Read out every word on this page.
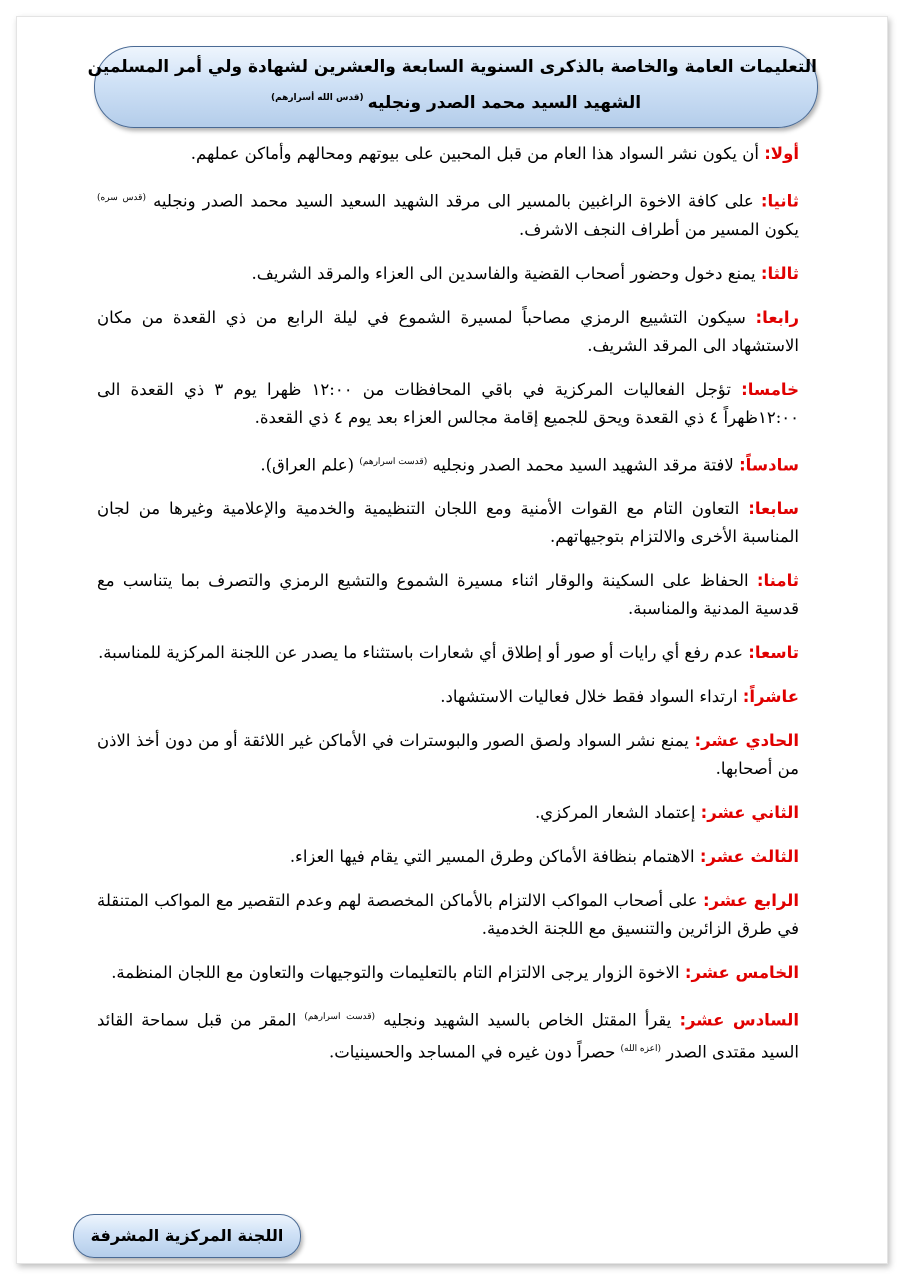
التعليمات العامة والخاصة بالذكرى السنوية السابعة والعشرين لشهادة ولي أمر المسلمين
الشهيد السيد محمد الصدر ونجليه$^{(قدس الله أسرارهم)}$
أولا: أن يكون نشر السواد هذا العام من قبل المحبين على بيوتهم ومحالهم وأماكن عملهم.
ثانيا: على كافة الاخوة الراغبين بالمسير الى مرقد الشهيد السعيد السيد محمد الصدر ونجليه $^{(قدس سره)}$ يكون المسير من أطراف النجف الاشرف.
ثالثا: يمنع دخول وحضور أصحاب القضية والفاسدين الى العزاء والمرقد الشريف.
رابعا: سيكون التشييع الرمزي مصاحباً لمسيرة الشموع في ليلة الرابع من ذي القعدة من مكان الاستشهاد الى المرقد الشريف.
خامسا: تؤجل الفعاليات المركزية في باقي المحافظات من ١٢:٠٠ ظهرا يوم ٣ ذي القعدة الى ١٢:٠٠ظهراً ٤ ذي القعدة ويحق للجميع إقامة مجالس العزاء بعد يوم ٤ ذي القعدة.
سادساً: لافتة مرقد الشهيد السيد محمد الصدر ونجليه $^{(قدست اسرارهم)}$ (علم العراق).
سابعا: التعاون التام مع القوات الأمنية ومع اللجان التنظيمية والخدمية والإعلامية وغيرها من لجان المناسبة الأخرى والالتزام بتوجيهاتهم.
ثامنا: الحفاظ على السكينة والوقار اثناء مسيرة الشموع والتشيع الرمزي والتصرف بما يتناسب مع قدسية المدنية والمناسبة.
تاسعا: عدم رفع أي رايات أو صور أو إطلاق أي شعارات باستثناء ما يصدر عن اللجنة المركزية للمناسبة.
عاشراً: ارتداء السواد فقط خلال فعاليات الاستشهاد.
الحادي عشر: يمنع نشر السواد ولصق الصور والبوسترات في الأماكن غير اللائقة أو من دون أخذ الاذن من أصحابها.
الثاني عشر: إعتماد الشعار المركزي.
الثالث عشر: الاهتمام بنظافة الأماكن وطرق المسير التي يقام فيها العزاء.
الرابع عشر: على أصحاب المواكب الالتزام بالأماكن المخصصة لهم وعدم التقصير مع المواكب المتنقلة في طرق الزائرين والتنسيق مع اللجنة الخدمية.
الخامس عشر: الاخوة الزوار يرجى الالتزام التام بالتعليمات والتوجيهات والتعاون مع اللجان المنظمة.
السادس عشر: يقرأ المقتل الخاص بالسيد الشهيد ونجليه $^{(قدست اسرارهم)}$ المقر من قبل سماحة القائد السيد مقتدى الصدر $^{(اعزه الله)}$ حصراً دون غيره في المساجد والحسينيات.
اللجنة المركزية المشرفة
